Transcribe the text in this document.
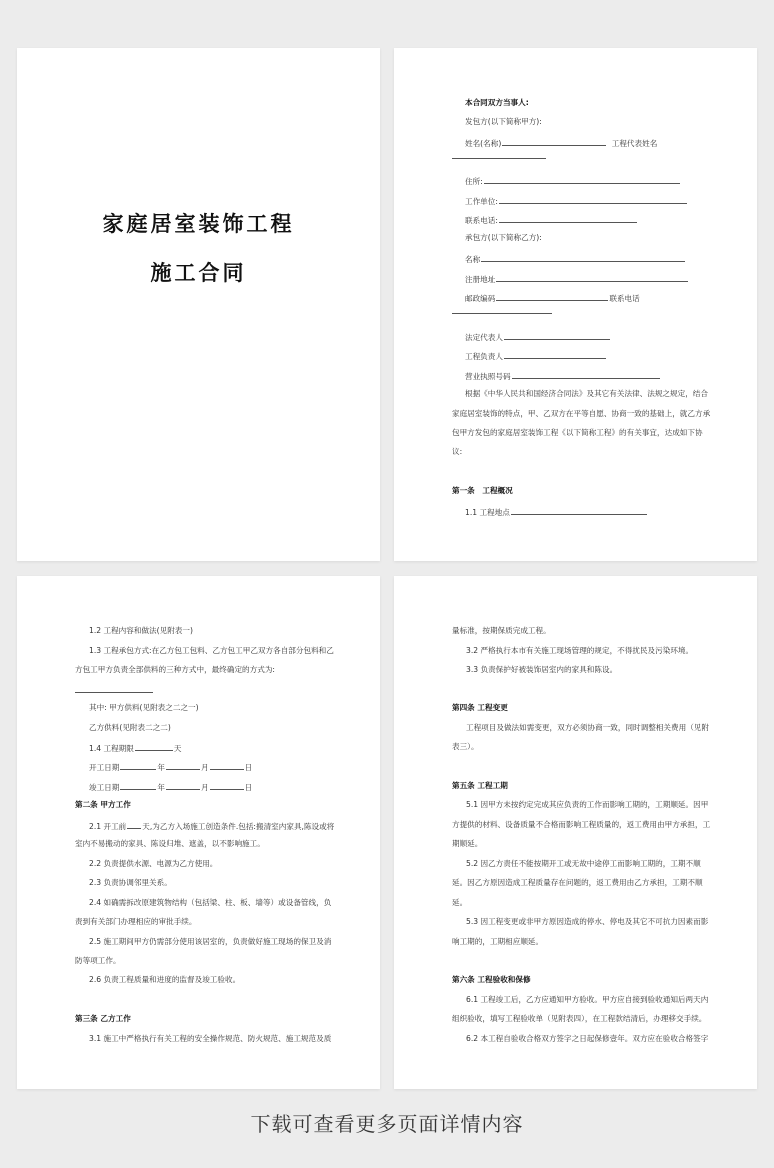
家庭居室装饰工程
施工合同
本合同双方当事人:
发包方(以下简称甲方):
姓名(名称)	工程代表姓名
住所:
工作单位:
联系电话:
承包方(以下简称乙方):
名称
注册地址
邮政编码	联系电话
法定代表人
工程负责人
营业执照号码
根据《中华人民共和国经济合同法》及其它有关法律、法规之规定，结合
家庭居室装饰的特点，甲、乙双方在平等自愿、协商一致的基础上，就乙方承
包甲方发包的家庭居室装饰工程《以下简称工程》的有关事宜，达成如下协
议:
第一条　工程概况
1.1 工程地点
1.2 工程内容和做法(见附表一)
1.3 工程承包方式:在乙方包工包料、乙方包工甲乙双方各自部分包料和乙
方包工甲方负责全部供料的三种方式中，最终确定的方式为:
其中: 甲方供料(见附表之二之一)
乙方供料(见附表二之二)
1.4 工程期限	天
开工日期	年	月	日
竣工日期	年	月	日
第二条 甲方工作
2.1 开工前 天,为乙方入场施工创造条件.包括:搬清室内家具,陈设或将
室内不易搬动的家具、陈设归堆、遮盖，以不影响施工。
2.2 负责提供水源、电源为乙方使用。
2.3 负责协调邻里关系。
2.4 如确需拆改原建筑物结构（包括梁、柱、板、墙等）或设备管线，负
责到有关部门办理相应的审批手续。
2.5 施工期间甲方仍需部分使用该居室的，负责做好施工现场的保卫及消
防等项工作。
2.6 负责工程质量和进度的监督及竣工验收。
第三条 乙方工作
3.1 施工中严格执行有关工程的安全操作规范、防火规范、施工规范及质
量标准，按期保质完成工程。
3.2 严格执行本市有关施工现场管理的规定，不得扰民及污染环境。
3.3 负责保护好被装饰居室内的家具和陈设。
第四条 工程变更
工程项目及做法如需变更，双方必须协商一致，同时调整相关费用（见附
表三）。
第五条 工程工期
5.1 因甲方未按约定完成其应负责的工作而影响工期的，工期顺延。因甲
方提供的材料、设备质量不合格而影响工程质量的，返工费用由甲方承担，工
期顺延。
5.2 因乙方责任不能按期开工或无故中途停工而影响工期的，工期不顺
延。因乙方原因造成工程质量存在问题的，返工费用由乙方承担，工期不顺
延。
5.3 因工程变更或非甲方原因造成的停水、停电及其它不可抗力因素而影
响工期的，工期相应顺延。
第六条 工程验收和保修
6.1 工程竣工后，乙方应通知甲方验收。甲方应自接到验收通知后两天内
组织验收，填写工程验收单（见附表四），在工程款结清后，办理移交手续。
6.2 本工程自验收合格双方签字之日起保修壹年。双方应在验收合格签字
下载可查看更多页面详情内容
